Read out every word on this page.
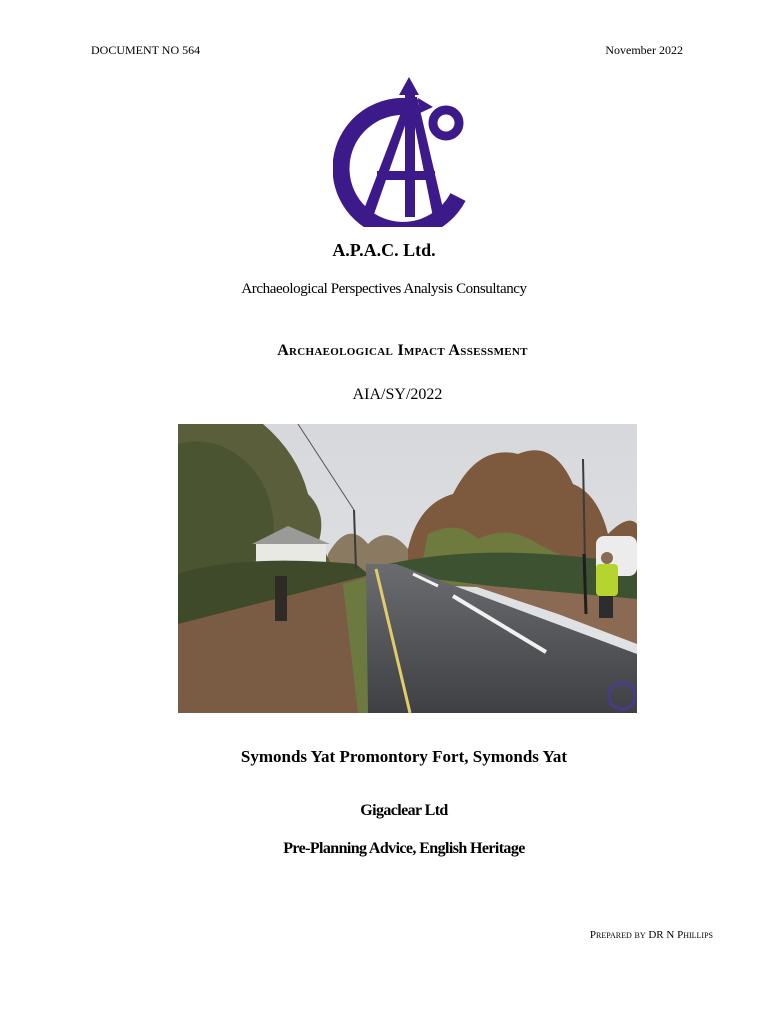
DOCUMENT NO 564	November 2022
A.P.A.C. Ltd.
Archaeological Perspectives Analysis Consultancy
Archaeological Impact Assessment
AIA/SY/2022
Symonds Yat Promontory Fort, Symonds Yat
Gigaclear Ltd
Pre-Planning Advice, English Heritage
Prepared by DR N Phillips
